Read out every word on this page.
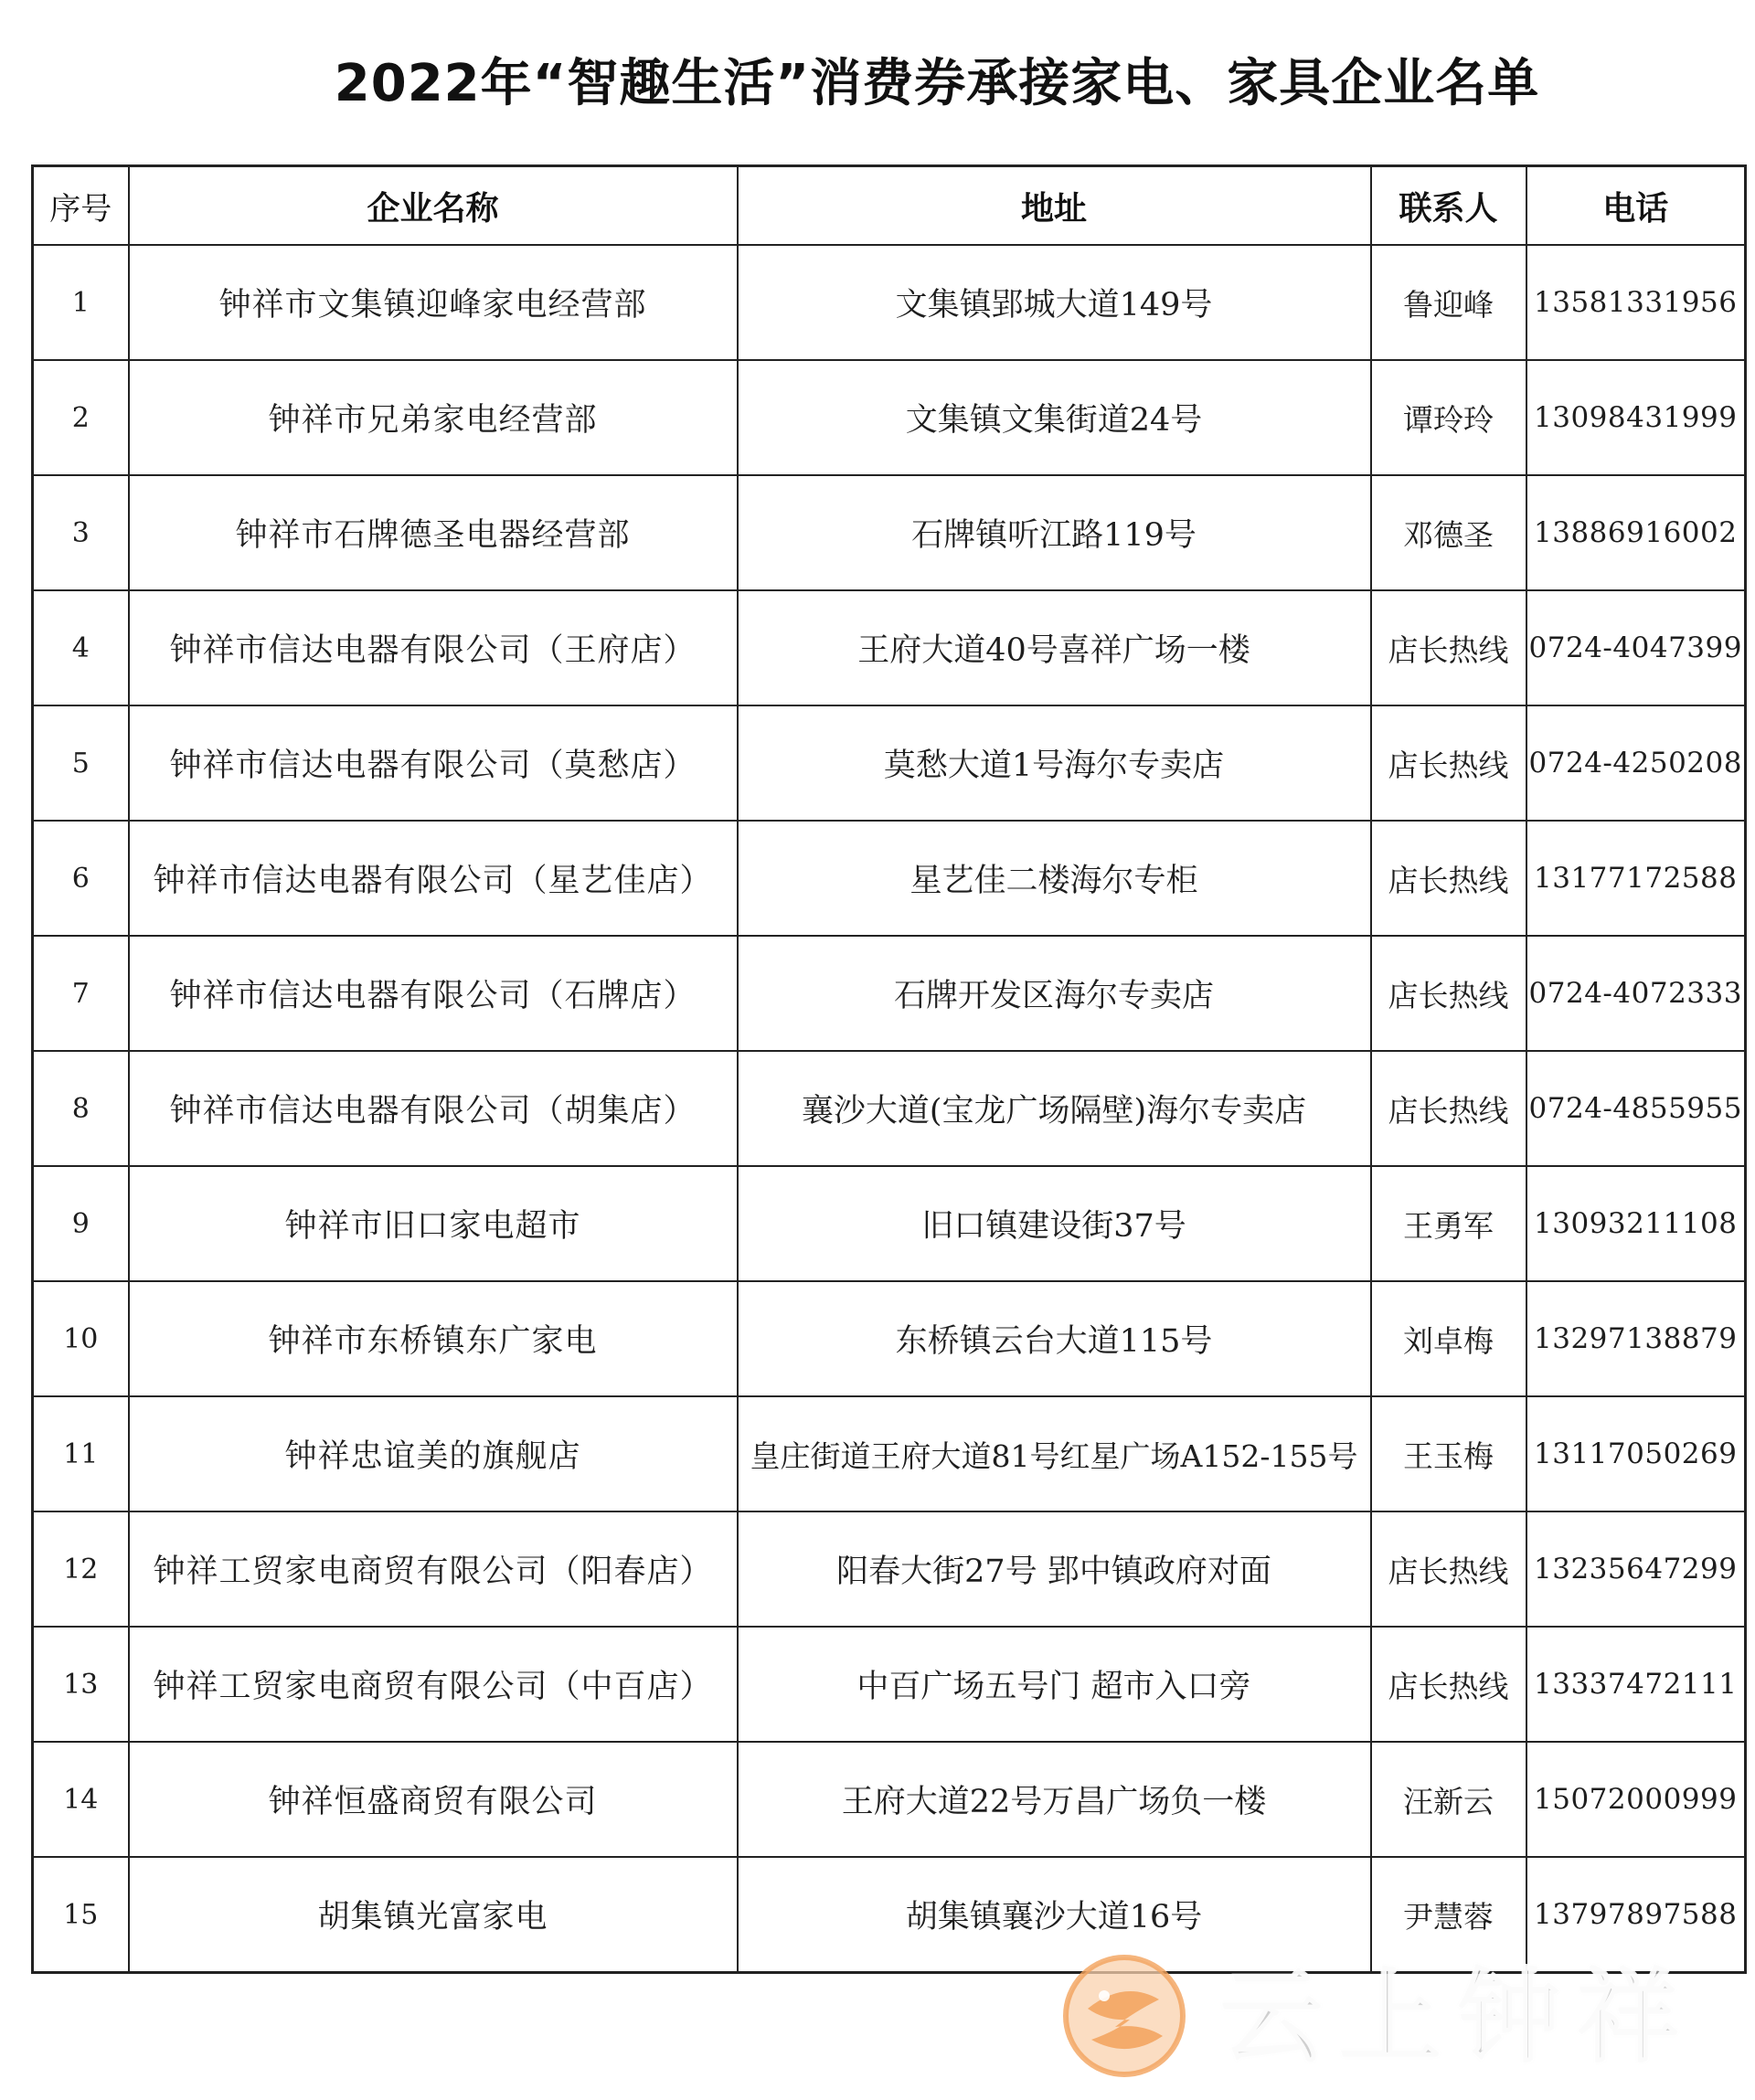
2022年“智趣生活”消费券承接家电、家具企业名单
序号	企业名称	地址	联系人	电话
1	钟祥市文集镇迎峰家电经营部	文集镇郢城大道149号	鲁迎峰	13581331956
2	钟祥市兄弟家电经营部	文集镇文集街道24号	谭玲玲	13098431999
3	钟祥市石牌德圣电器经营部	石牌镇听江路119号	邓德圣	13886916002
4	钟祥市信达电器有限公司（王府店）	王府大道40号喜祥广场一楼	店长热线	0724-4047399
5	钟祥市信达电器有限公司（莫愁店）	莫愁大道1号海尔专卖店	店长热线	0724-4250208
6	钟祥市信达电器有限公司（星艺佳店）	星艺佳二楼海尔专柜	店长热线	13177172588
7	钟祥市信达电器有限公司（石牌店）	石牌开发区海尔专卖店	店长热线	0724-4072333
8	钟祥市信达电器有限公司（胡集店）	襄沙大道(宝龙广场隔壁)海尔专卖店	店长热线	0724-4855955
9	钟祥市旧口家电超市	旧口镇建设街37号	王勇军	13093211108
10	钟祥市东桥镇东广家电	东桥镇云台大道115号	刘卓梅	13297138879
11	钟祥忠谊美的旗舰店	皇庄街道王府大道81号红星广场A152-155号	王玉梅	13117050269
12	钟祥工贸家电商贸有限公司（阳春店）	阳春大街27号 郢中镇政府对面	店长热线	13235647299
13	钟祥工贸家电商贸有限公司（中百店）	中百广场五号门 超市入口旁	店长热线	13337472111
14	钟祥恒盛商贸有限公司	王府大道22号万昌广场负一楼	汪新云	15072000999
15	胡集镇光富家电	胡集镇襄沙大道16号	尹慧蓉	13797897588
云上钟祥
